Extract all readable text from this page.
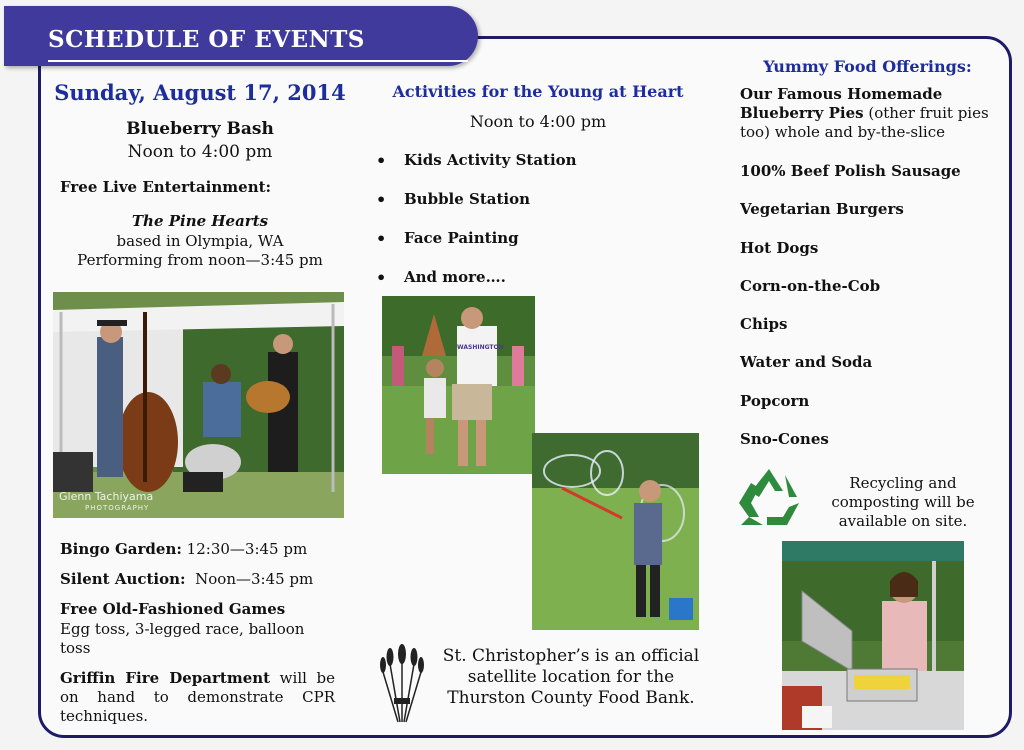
SCHEDULE OF EVENTS
Sunday, August 17, 2014
Blueberry Bash
Noon to 4:00 pm
Free Live Entertainment:
The Pine Hearts
based in Olympia, WA
Performing from noon—3:45 pm
Glenn Tachiyama
PHOTOGRAPHY
Bingo Garden: 12:30—3:45 pm
Silent Auction:  Noon—3:45 pm
Free Old-Fashioned Games
Egg toss, 3-legged race, balloon toss
Griffin Fire Department will be on hand to demonstrate CPR techniques.
Activities for the Young at Heart
Noon to 4:00 pm
• Kids Activity Station
• Bubble Station
• Face Painting
• And more….
WASHINGTON
St. Christopher’s is an official satellite location for the Thurston County Food Bank.
Yummy Food Offerings:
Our Famous Homemade Blueberry Pies (other fruit pies too) whole and by-the-slice
100% Beef Polish Sausage
Vegetarian Burgers
Hot Dogs
Corn-on-the-Cob
Chips
Water and Soda
Popcorn
Sno-Cones
Recycling and composting will be available on site.
